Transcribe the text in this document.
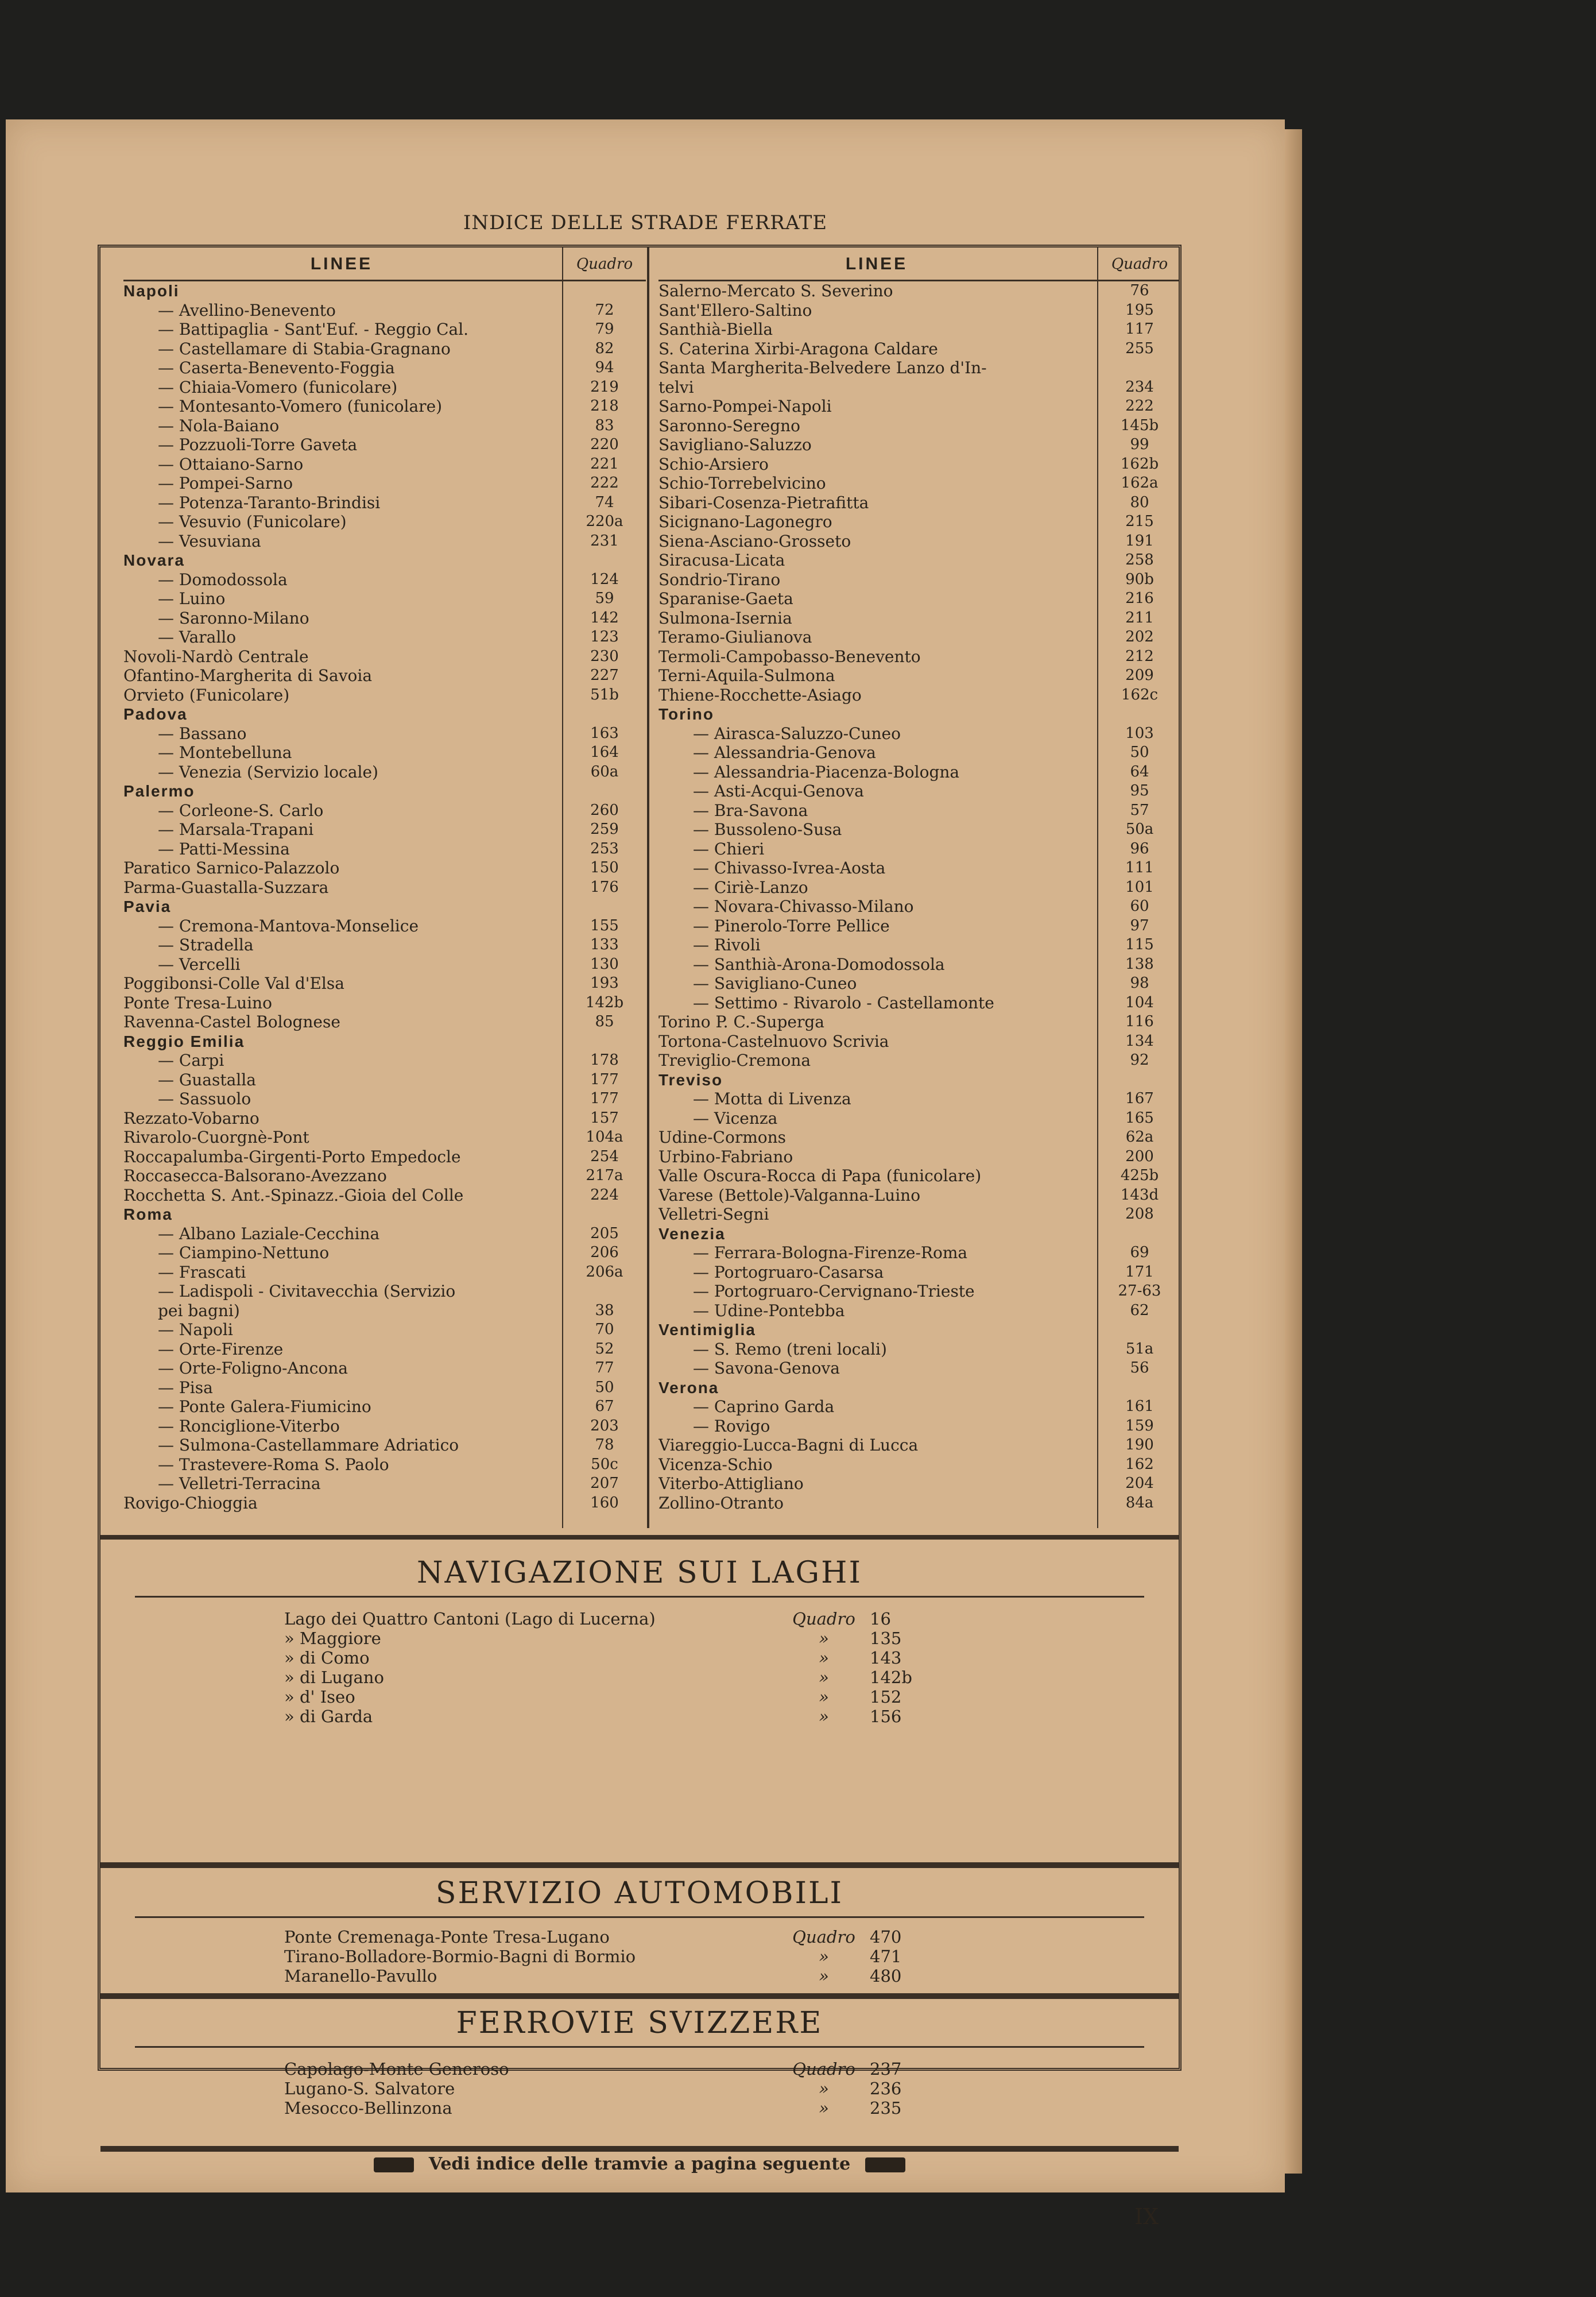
INDICE DELLE STRADE FERRATE
LINEE	Quadro
Napoli
— Avellino-Benevento	72
— Battipaglia - Sant'Euf. - Reggio Cal.	79
— Castellamare di Stabia-Gragnano	82
— Caserta-Benevento-Foggia	94
— Chiaia-Vomero (funicolare)	219
— Montesanto-Vomero (funicolare)	218
— Nola-Baiano	83
— Pozzuoli-Torre Gaveta	220
— Ottaiano-Sarno	221
— Pompei-Sarno	222
— Potenza-Taranto-Brindisi	74
— Vesuvio (Funicolare)	220a
— Vesuviana	231
Novara
— Domodossola	124
— Luino	59
— Saronno-Milano	142
— Varallo	123
Novoli-Nardò Centrale	230
Ofantino-Margherita di Savoia	227
Orvieto (Funicolare)	51b
Padova
— Bassano	163
— Montebelluna	164
— Venezia (Servizio locale)	60a
Palermo
— Corleone-S. Carlo	260
— Marsala-Trapani	259
— Patti-Messina	253
Paratico Sarnico-Palazzolo	150
Parma-Guastalla-Suzzara	176
Pavia
— Cremona-Mantova-Monselice	155
— Stradella	133
— Vercelli	130
Poggibonsi-Colle Val d'Elsa	193
Ponte Tresa-Luino	142b
Ravenna-Castel Bolognese	85
Reggio Emilia
— Carpi	178
— Guastalla	177
— Sassuolo	177
Rezzato-Vobarno	157
Rivarolo-Cuorgnè-Pont	104a
Roccapalumba-Girgenti-Porto Empedocle	254
Roccasecca-Balsorano-Avezzano	217a
Rocchetta S. Ant.-Spinazz.-Gioia del Colle	224
Roma
— Albano Laziale-Cecchina	205
— Ciampino-Nettuno	206
— Frascati	206a
— Ladispoli - Civitavecchia (Servizio
pei bagni)	38
— Napoli	70
— Orte-Firenze	52
— Orte-Foligno-Ancona	77
— Pisa	50
— Ponte Galera-Fiumicino	67
— Ronciglione-Viterbo	203
— Sulmona-Castellammare Adriatico	78
— Trastevere-Roma S. Paolo	50c
— Velletri-Terracina	207
Rovigo-Chioggia	160
LINEE	Quadro
Salerno-Mercato S. Severino	76
Sant'Ellero-Saltino	195
Santhià-Biella	117
S. Caterina Xirbi-Aragona Caldare	255
Santa Margherita-Belvedere Lanzo d'In-
telvi	234
Sarno-Pompei-Napoli	222
Saronno-Seregno	145b
Savigliano-Saluzzo	99
Schio-Arsiero	162b
Schio-Torrebelvicino	162a
Sibari-Cosenza-Pietrafitta	80
Sicignano-Lagonegro	215
Siena-Asciano-Grosseto	191
Siracusa-Licata	258
Sondrio-Tirano	90b
Sparanise-Gaeta	216
Sulmona-Isernia	211
Teramo-Giulianova	202
Termoli-Campobasso-Benevento	212
Terni-Aquila-Sulmona	209
Thiene-Rocchette-Asiago	162c
Torino
— Airasca-Saluzzo-Cuneo	103
— Alessandria-Genova	50
— Alessandria-Piacenza-Bologna	64
— Asti-Acqui-Genova	95
— Bra-Savona	57
— Bussoleno-Susa	50a
— Chieri	96
— Chivasso-Ivrea-Aosta	111
— Ciriè-Lanzo	101
— Novara-Chivasso-Milano	60
— Pinerolo-Torre Pellice	97
— Rivoli	115
— Santhià-Arona-Domodossola	138
— Savigliano-Cuneo	98
— Settimo - Rivarolo - Castellamonte	104
Torino P. C.-Superga	116
Tortona-Castelnuovo Scrivia	134
Treviglio-Cremona	92
Treviso
— Motta di Livenza	167
— Vicenza	165
Udine-Cormons	62a
Urbino-Fabriano	200
Valle Oscura-Rocca di Papa (funicolare)	425b
Varese (Bettole)-Valganna-Luino	143d
Velletri-Segni	208
Venezia
— Ferrara-Bologna-Firenze-Roma	69
— Portogruaro-Casarsa	171
— Portogruaro-Cervignano-Trieste	27-63
— Udine-Pontebba	62
Ventimiglia
— S. Remo (treni locali)	51a
— Savona-Genova	56
Verona
— Caprino Garda	161
— Rovigo	159
Viareggio-Lucca-Bagni di Lucca	190
Vicenza-Schio	162
Viterbo-Attigliano	204
Zollino-Otranto	84a
NAVIGAZIONE SUI LAGHI
Lago dei Quattro Cantoni (Lago di Lucerna)	Quadro 16
» Maggiore	»	135
» di Como	»	143
» di Lugano	»	142b
» d' Iseo	»	152
» di Garda	»	156
SERVIZIO AUTOMOBILI
Ponte Cremenaga-Ponte Tresa-Lugano	Quadro 470
Tirano-Bolladore-Bormio-Bagni di Bormio	»	471
Maranello-Pavullo	»	480
FERROVIE SVIZZERE
Capolago-Monte Generoso	Quadro 237
Lugano-S. Salvatore	»	236
Mesocco-Bellinzona	»	235
Vedi indice delle tramvie a pagina seguente
IX
